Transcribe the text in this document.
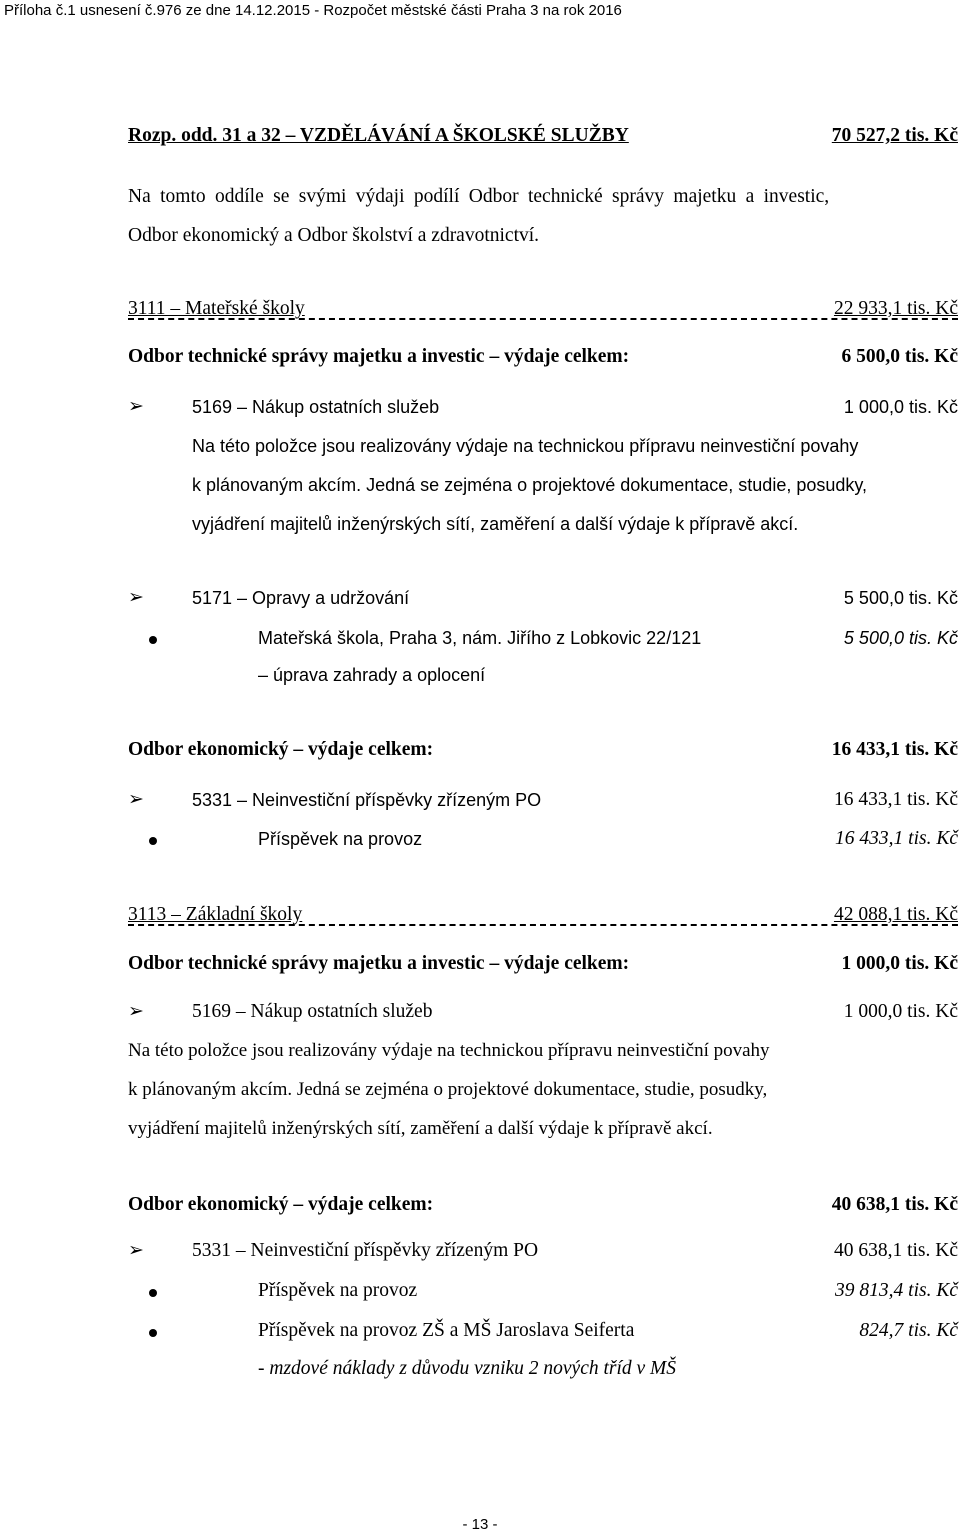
Příloha č.1 usnesení č.976 ze dne 14.12.2015 - Rozpočet městské části Praha 3 na rok 2016
Rozp. odd. 31 a 32 – VZDĚLÁVÁNÍ A ŠKOLSKÉ SLUŽBY	70 527,2 tis. Kč
Na tomto oddíle se svými výdaji podílí Odbor technické správy majetku a investic,
Odbor ekonomický a Odbor školství a zdravotnictví.
3111 – Mateřské školy	22 933,1 tis. Kč
Odbor technické správy majetku a investic – výdaje celkem:	6 500,0 tis. Kč
➢	5169 – Nákup ostatních služeb	1 000,0 tis. Kč
Na této položce jsou realizovány výdaje na technickou přípravu neinvestiční povahy
k plánovaným akcím. Jedná se zejména o projektové dokumentace, studie, posudky,
vyjádření majitelů inženýrských sítí, zaměření a další výdaje k přípravě akcí.
➢	5171 – Opravy a udržování	5 500,0 tis. Kč
Mateřská škola, Praha 3, nám. Jiřího z Lobkovic 22/121	5 500,0 tis. Kč
– úprava zahrady a oplocení
Odbor ekonomický – výdaje celkem:	16 433,1 tis. Kč
➢	5331 – Neinvestiční příspěvky zřízeným PO	16 433,1 tis. Kč
Příspěvek na provoz	16 433,1 tis. Kč
3113 – Základní školy	42 088,1 tis. Kč
Odbor technické správy majetku a investic – výdaje celkem:	1 000,0 tis. Kč
➢ 5169 – Nákup ostatních služeb	1 000,0 tis. Kč
Na této položce jsou realizovány výdaje na technickou přípravu neinvestiční povahy
k plánovaným akcím. Jedná se zejména o projektové dokumentace, studie, posudky,
vyjádření majitelů inženýrských sítí, zaměření a další výdaje k přípravě akcí.
Odbor ekonomický – výdaje celkem:	40 638,1 tis. Kč
➢ 5331 – Neinvestiční příspěvky zřízeným PO	40 638,1 tis. Kč
Příspěvek na provoz	39 813,4 tis. Kč
Příspěvek na provoz ZŠ a MŠ Jaroslava Seiferta	824,7 tis. Kč
- mzdové náklady z důvodu vzniku 2 nových tříd v MŠ
- 13 -
